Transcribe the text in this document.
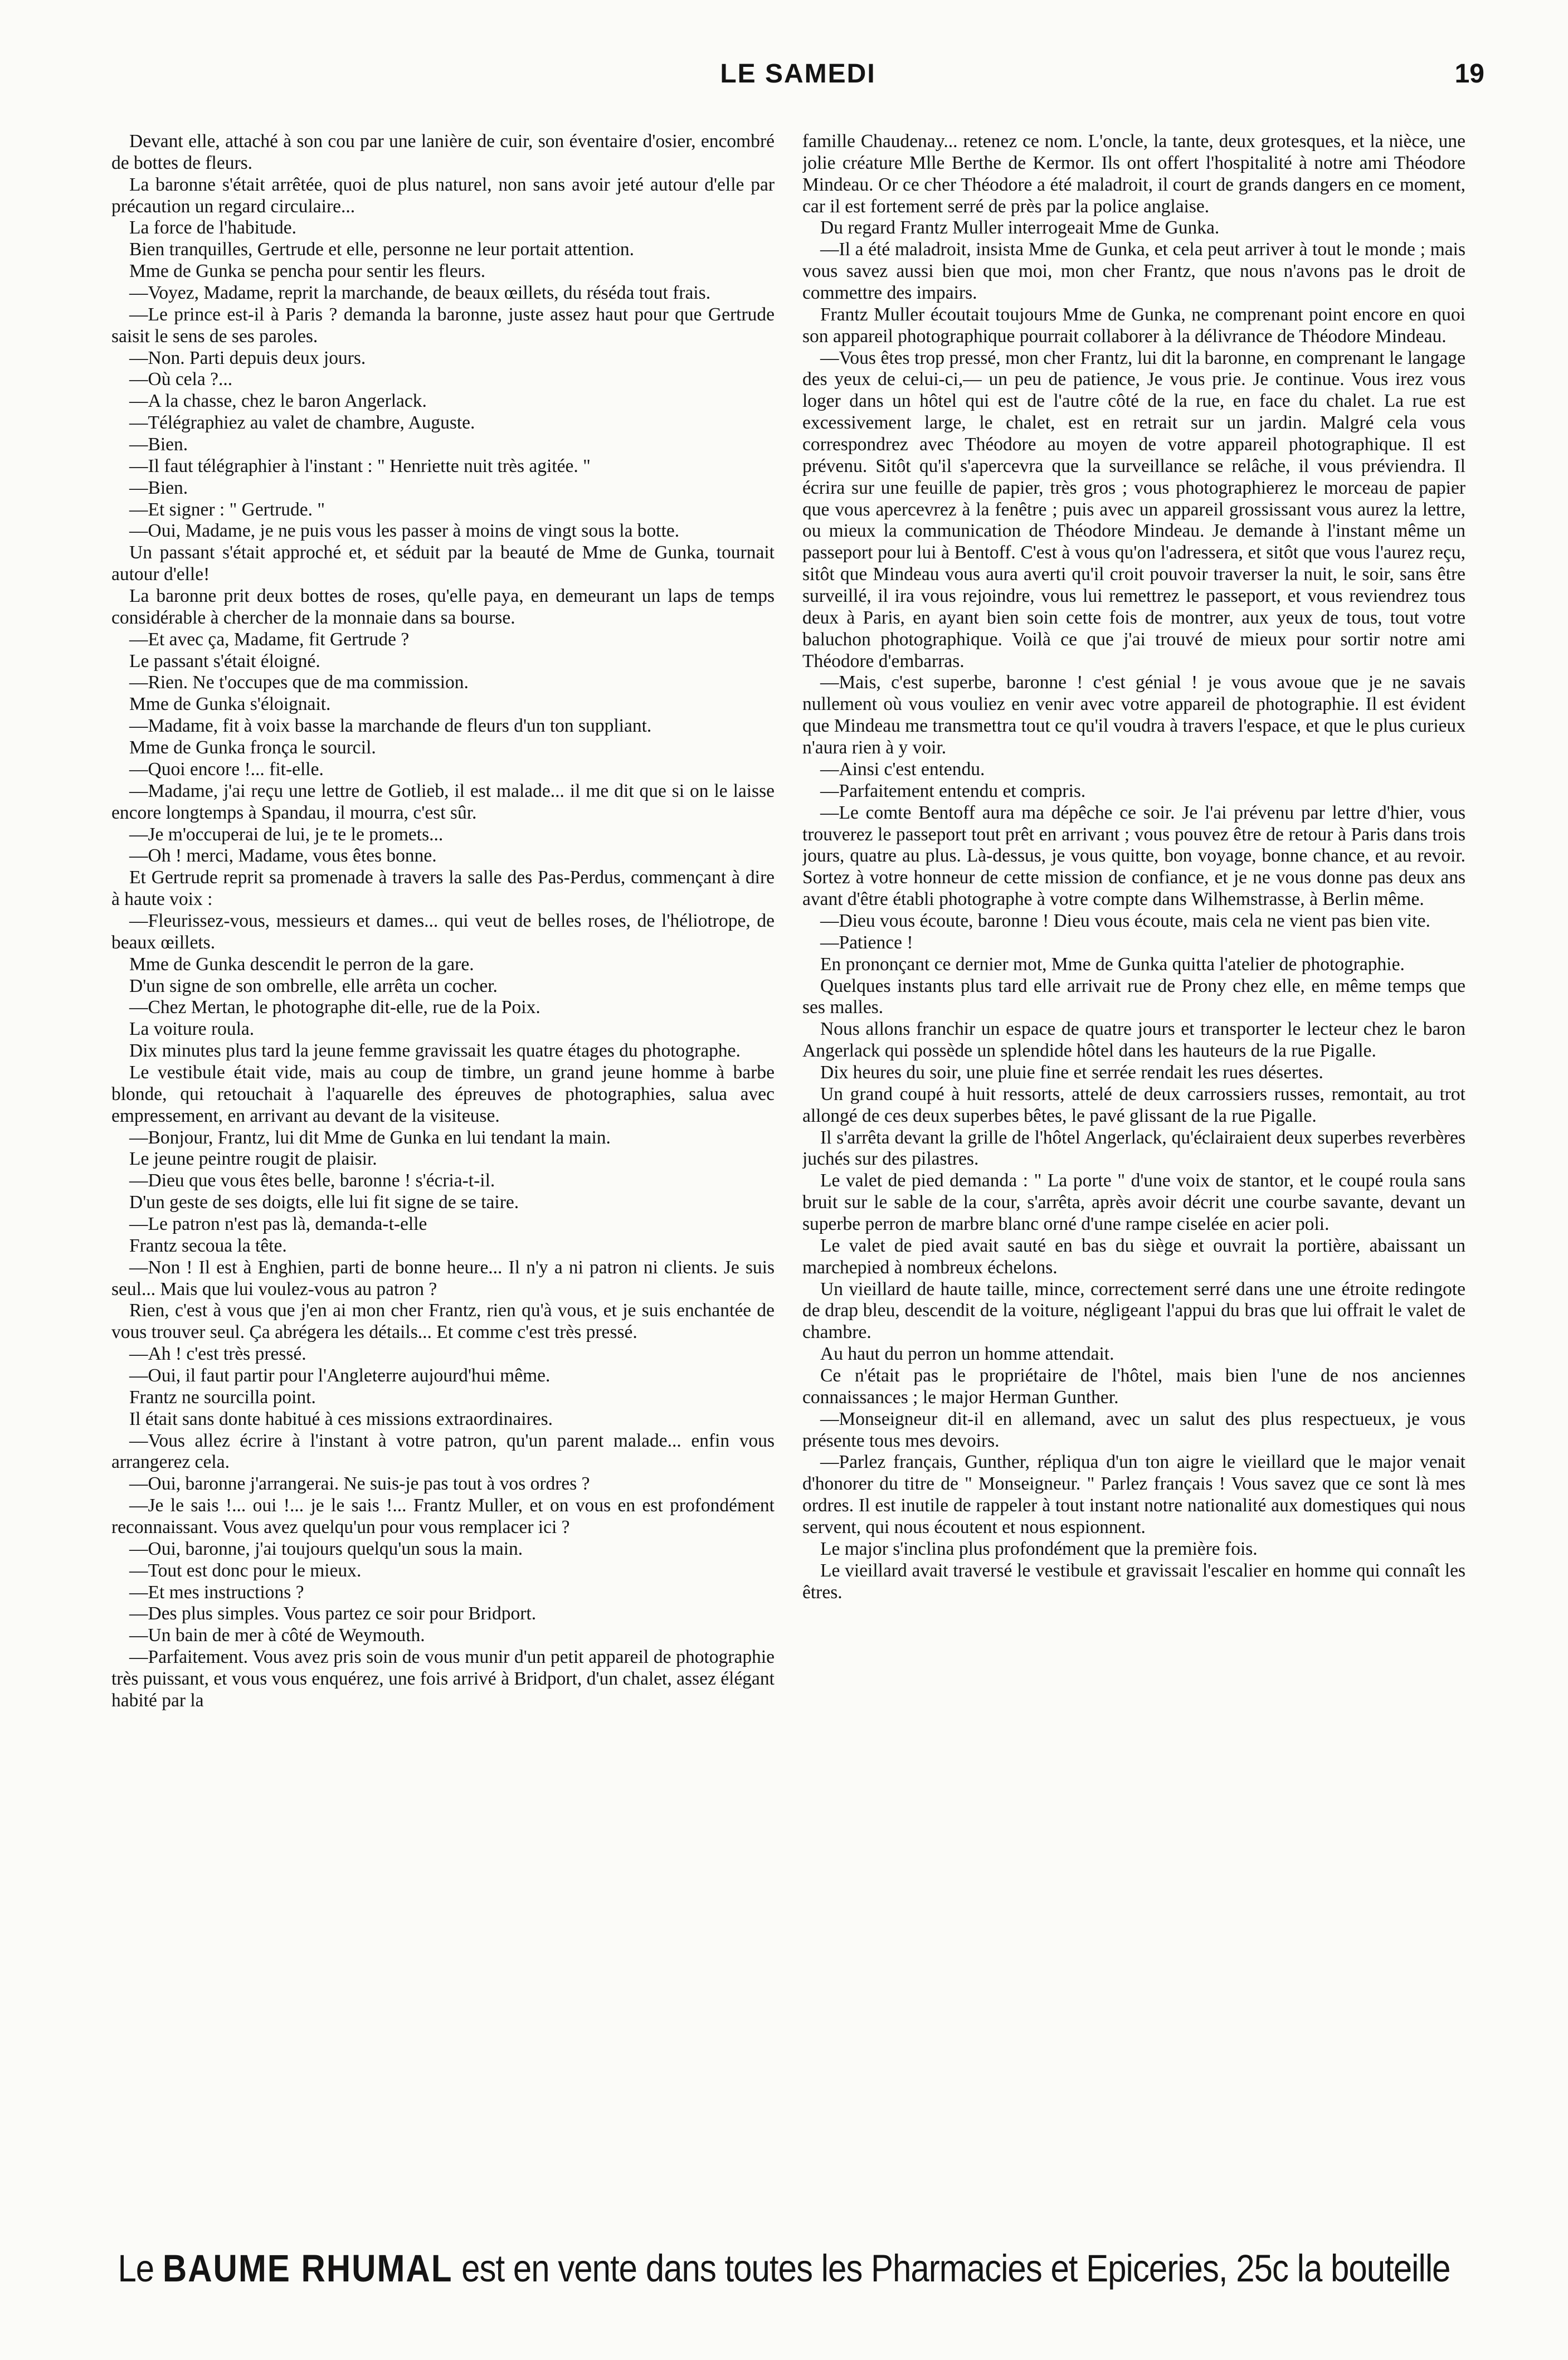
LE SAMEDI	19

Devant elle, attaché à son cou par une lanière de cuir, son éventaire d'osier, encombré de bottes de fleurs.

La baronne s'était arrêtée, quoi de plus naturel, non sans avoir jeté autour d'elle par précaution un regard circulaire...

La force de l'habitude.

Bien tranquilles, Gertrude et elle, personne ne leur portait attention.

Mme de Gunka se pencha pour sentir les fleurs.

—Voyez, Madame, reprit la marchande, de beaux œillets, du réséda tout frais.

—Le prince est-il à Paris ? demanda la baronne, juste assez haut pour que Gertrude saisit le sens de ses paroles.

—Non. Parti depuis deux jours.

—Où cela ?...

—A la chasse, chez le baron Angerlack.

—Télégraphiez au valet de chambre, Auguste.

—Bien.

—Il faut télégraphier à l'instant : " Henriette nuit très agitée. "

—Bien.

—Et signer : " Gertrude. "

—Oui, Madame, je ne puis vous les passer à moins de vingt sous la botte.

Un passant s'était approché et, et séduit par la beauté de Mme de Gunka, tournait autour d'elle!

La baronne prit deux bottes de roses, qu'elle paya, en demeurant un laps de temps considérable à chercher de la monnaie dans sa bourse.

—Et avec ça, Madame, fit Gertrude ?

Le passant s'était éloigné.

—Rien. Ne t'occupes que de ma commission.

Mme de Gunka s'éloignait.

—Madame, fit à voix basse la marchande de fleurs d'un ton suppliant.

Mme de Gunka fronça le sourcil.

—Quoi encore !... fit-elle.

—Madame, j'ai reçu une lettre de Gotlieb, il est malade... il me dit que si on le laisse encore longtemps à Spandau, il mourra, c'est sûr.

—Je m'occuperai de lui, je te le promets...

—Oh ! merci, Madame, vous êtes bonne.

Et Gertrude reprit sa promenade à travers la salle des Pas-Perdus, commençant à dire à haute voix :

—Fleurissez-vous, messieurs et dames... qui veut de belles roses, de l'héliotrope, de beaux œillets.

Mme de Gunka descendit le perron de la gare.

D'un signe de son ombrelle, elle arrêta un cocher.

—Chez Mertan, le photographe dit-elle, rue de la Poix.

La voiture roula.

Dix minutes plus tard la jeune femme gravissait les quatre étages du photographe.

Le vestibule était vide, mais au coup de timbre, un grand jeune homme à barbe blonde, qui retouchait à l'aquarelle des épreuves de photographies, salua avec empressement, en arrivant au devant de la visiteuse.

—Bonjour, Frantz, lui dit Mme de Gunka en lui tendant la main.

Le jeune peintre rougit de plaisir.

—Dieu que vous êtes belle, baronne ! s'écria-t-il.

D'un geste de ses doigts, elle lui fit signe de se taire.

—Le patron n'est pas là, demanda-t-elle

Frantz secoua la tête.

—Non ! Il est à Enghien, parti de bonne heure... Il n'y a ni patron ni clients. Je suis seul... Mais que lui voulez-vous au patron ?

Rien, c'est à vous que j'en ai mon cher Frantz, rien qu'à vous, et je suis enchantée de vous trouver seul. Ça abrégera les détails... Et comme c'est très pressé.

—Ah ! c'est très pressé.

—Oui, il faut partir pour l'Angleterre aujourd'hui même.

Frantz ne sourcilla point.

Il était sans donte habitué à ces missions extraordinaires.

—Vous allez écrire à l'instant à votre patron, qu'un parent malade... enfin vous arrangerez cela.

—Oui, baronne j'arrangerai. Ne suis-je pas tout à vos ordres ?

—Je le sais !... oui !... je le sais !... Frantz Muller, et on vous en est profondément reconnaissant. Vous avez quelqu'un pour vous remplacer ici ?

—Oui, baronne, j'ai toujours quelqu'un sous la main.

—Tout est donc pour le mieux.

—Et mes instructions ?

—Des plus simples. Vous partez ce soir pour Bridport.

—Un bain de mer à côté de Weymouth.

—Parfaitement. Vous avez pris soin de vous munir d'un petit appareil de photographie très puissant, et vous vous enquérez, une fois arrivé à Bridport, d'un chalet, assez élégant habité par la

famille Chaudenay... retenez ce nom. L'oncle, la tante, deux grotesques, et la nièce, une jolie créature Mlle Berthe de Kermor. Ils ont offert l'hospitalité à notre ami Théodore Mindeau. Or ce cher Théodore a été maladroit, il court de grands dangers en ce moment, car il est fortement serré de près par la police anglaise.

Du regard Frantz Muller interrogeait Mme de Gunka.

—Il a été maladroit, insista Mme de Gunka, et cela peut arriver à tout le monde ; mais vous savez aussi bien que moi, mon cher Frantz, que nous n'avons pas le droit de commettre des impairs.

Frantz Muller écoutait toujours Mme de Gunka, ne comprenant point encore en quoi son appareil photographique pourrait collaborer à la délivrance de Théodore Mindeau.

—Vous êtes trop pressé, mon cher Frantz, lui dit la baronne, en comprenant le langage des yeux de celui-ci,— un peu de patience, Je vous prie. Je continue. Vous irez vous loger dans un hôtel qui est de l'autre côté de la rue, en face du chalet. La rue est excessivement large, le chalet, est en retrait sur un jardin. Malgré cela vous correspondrez avec Théodore au moyen de votre appareil photographique. Il est prévenu. Sitôt qu'il s'apercevra que la surveillance se relâche, il vous préviendra. Il écrira sur une feuille de papier, très gros ; vous photographierez le morceau de papier que vous apercevrez à la fenêtre ; puis avec un appareil grossissant vous aurez la lettre, ou mieux la communication de Théodore Mindeau. Je demande à l'instant même un passeport pour lui à Bentoff. C'est à vous qu'on l'adressera, et sitôt que vous l'aurez reçu, sitôt que Mindeau vous aura averti qu'il croit pouvoir traverser la nuit, le soir, sans être surveillé, il ira vous rejoindre, vous lui remettrez le passeport, et vous reviendrez tous deux à Paris, en ayant bien soin cette fois de montrer, aux yeux de tous, tout votre baluchon photographique. Voilà ce que j'ai trouvé de mieux pour sortir notre ami Théodore d'embarras.

—Mais, c'est superbe, baronne ! c'est génial ! je vous avoue que je ne savais nullement où vous vouliez en venir avec votre appareil de photographie. Il est évident que Mindeau me transmettra tout ce qu'il voudra à travers l'espace, et que le plus curieux n'aura rien à y voir.

—Ainsi c'est entendu.

—Parfaitement entendu et compris.

—Le comte Bentoff aura ma dépêche ce soir. Je l'ai prévenu par lettre d'hier, vous trouverez le passeport tout prêt en arrivant ; vous pouvez être de retour à Paris dans trois jours, quatre au plus. Là-dessus, je vous quitte, bon voyage, bonne chance, et au revoir. Sortez à votre honneur de cette mission de confiance, et je ne vous donne pas deux ans avant d'être établi photographe à votre compte dans Wilhemstrasse, à Berlin même.

—Dieu vous écoute, baronne ! Dieu vous écoute, mais cela ne vient pas bien vite.

—Patience !

En prononçant ce dernier mot, Mme de Gunka quitta l'atelier de photographie.

Quelques instants plus tard elle arrivait rue de Prony chez elle, en même temps que ses malles.

Nous allons franchir un espace de quatre jours et transporter le lecteur chez le baron Angerlack qui possède un splendide hôtel dans les hauteurs de la rue Pigalle.

Dix heures du soir, une pluie fine et serrée rendait les rues désertes.

Un grand coupé à huit ressorts, attelé de deux carrossiers russes, remontait, au trot allongé de ces deux superbes bêtes, le pavé glissant de la rue Pigalle.

Il s'arrêta devant la grille de l'hôtel Angerlack, qu'éclairaient deux superbes reverbères juchés sur des pilastres.

Le valet de pied demanda : " La porte " d'une voix de stantor, et le coupé roula sans bruit sur le sable de la cour, s'arrêta, après avoir décrit une courbe savante, devant un superbe perron de marbre blanc orné d'une rampe ciselée en acier poli.

Le valet de pied avait sauté en bas du siège et ouvrait la portière, abaissant un marchepied à nombreux échelons.

Un vieillard de haute taille, mince, correctement serré dans une une étroite redingote de drap bleu, descendit de la voiture, négligeant l'appui du bras que lui offrait le valet de chambre.

Au haut du perron un homme attendait.

Ce n'était pas le propriétaire de l'hôtel, mais bien l'une de nos anciennes connaissances ; le major Herman Gunther.

—Monseigneur dit-il en allemand, avec un salut des plus respectueux, je vous présente tous mes devoirs.

—Parlez français, Gunther, répliqua d'un ton aigre le vieillard que le major venait d'honorer du titre de " Monseigneur. " Parlez français ! Vous savez que ce sont là mes ordres. Il est inutile de rappeler à tout instant notre nationalité aux domestiques qui nous servent, qui nous écoutent et nous espionnent.

Le major s'inclina plus profondément que la première fois.

Le vieillard avait traversé le vestibule et gravissait l'escalier en homme qui connaît les êtres.

Le BAUME RHUMAL est en vente dans toutes les Pharmacies et Epiceries, 25c la bouteille
